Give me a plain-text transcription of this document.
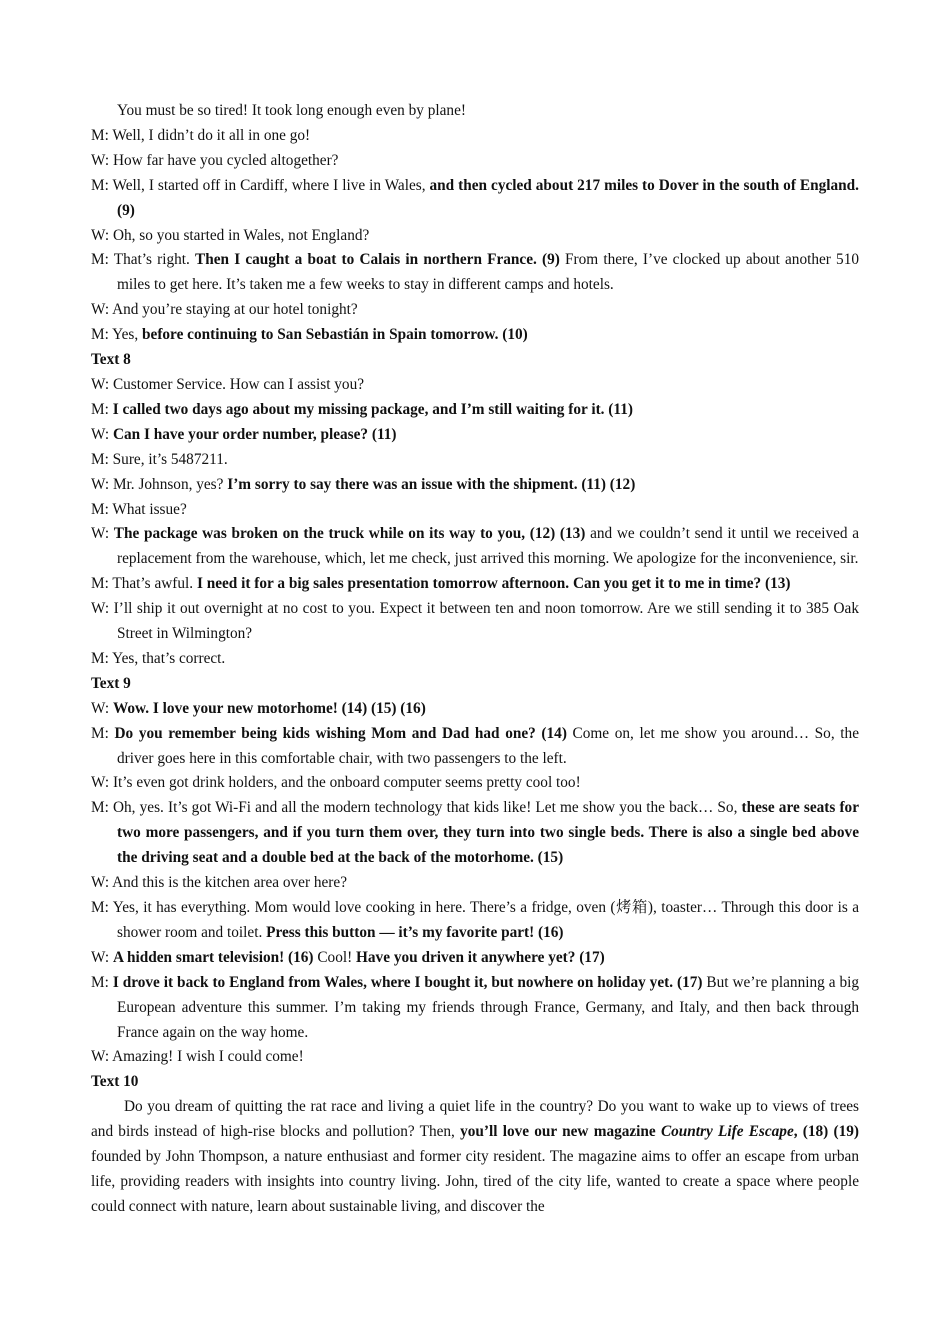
You must be so tired! It took long enough even by plane!
M: Well, I didn’t do it all in one go!
W: How far have you cycled altogether?
M: Well, I started off in Cardiff, where I live in Wales, and then cycled about 217 miles to Dover in the south of England. (9)
W: Oh, so you started in Wales, not England?
M: That’s right. Then I caught a boat to Calais in northern France. (9) From there, I’ve clocked up about another 510 miles to get here. It’s taken me a few weeks to stay in different camps and hotels.
W: And you’re staying at our hotel tonight?
M: Yes, before continuing to San Sebastián in Spain tomorrow. (10)
Text 8
W: Customer Service. How can I assist you?
M: I called two days ago about my missing package, and I’m still waiting for it. (11)
W: Can I have your order number, please? (11)
M: Sure, it’s 5487211.
W: Mr. Johnson, yes? I’m sorry to say there was an issue with the shipment. (11) (12)
M: What issue?
W: The package was broken on the truck while on its way to you, (12) (13) and we couldn’t send it until we received a replacement from the warehouse, which, let me check, just arrived this morning. We apologize for the inconvenience, sir.
M: That’s awful. I need it for a big sales presentation tomorrow afternoon. Can you get it to me in time? (13)
W: I’ll ship it out overnight at no cost to you. Expect it between ten and noon tomorrow. Are we still sending it to 385 Oak Street in Wilmington?
M: Yes, that’s correct.
Text 9
W: Wow. I love your new motorhome! (14) (15) (16)
M: Do you remember being kids wishing Mom and Dad had one? (14) Come on, let me show you around… So, the driver goes here in this comfortable chair, with two passengers to the left.
W: It’s even got drink holders, and the onboard computer seems pretty cool too!
M: Oh, yes. It’s got Wi-Fi and all the modern technology that kids like! Let me show you the back… So, these are seats for two more passengers, and if you turn them over, they turn into two single beds. There is also a single bed above the driving seat and a double bed at the back of the motorhome. (15)
W: And this is the kitchen area over here?
M: Yes, it has everything. Mom would love cooking in here. There’s a fridge, oven (烤箱), toaster… Through this door is a shower room and toilet. Press this button — it’s my favorite part! (16)
W: A hidden smart television! (16) Cool! Have you driven it anywhere yet? (17)
M: I drove it back to England from Wales, where I bought it, but nowhere on holiday yet. (17) But we’re planning a big European adventure this summer. I’m taking my friends through France, Germany, and Italy, and then back through France again on the way home.
W: Amazing! I wish I could come!
Text 10
Do you dream of quitting the rat race and living a quiet life in the country? Do you want to wake up to views of trees and birds instead of high-rise blocks and pollution? Then, you’ll love our new magazine Country Life Escape, (18) (19) founded by John Thompson, a nature enthusiast and former city resident. The magazine aims to offer an escape from urban life, providing readers with insights into country living. John, tired of the city life, wanted to create a space where people could connect with nature, learn about sustainable living, and discover the
